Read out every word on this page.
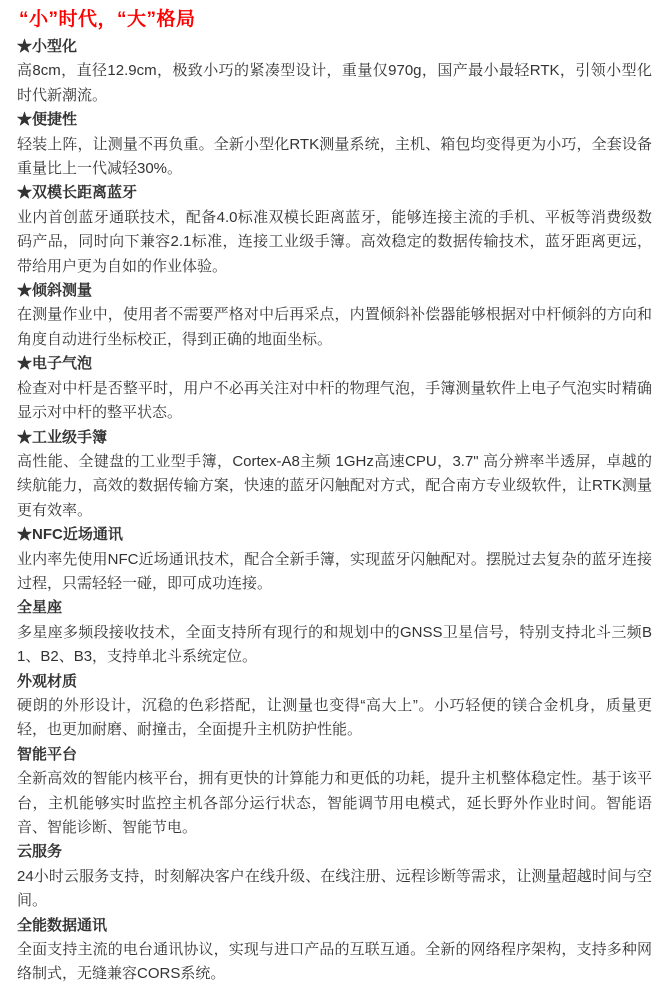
“小”时代，“大”格局
★小型化

高8cm，直径12.9cm，极致小巧的紧凑型设计，重量仅970g，国产最小最轻RTK，引领小型化时代新潮流。

★便捷性

轻装上阵，让测量不再负重。全新小型化RTK测量系统，主机、箱包均变得更为小巧，全套设备重量比上一代减轻30%。

★双模长距离蓝牙

业内首创蓝牙通联技术，配备4.0标准双模长距离蓝牙，能够连接主流的手机、平板等消费级数码产品，同时向下兼容2.1标准，连接工业级手簿。高效稳定的数据传输技术，蓝牙距离更远，带给用户更为自如的作业体验。

★倾斜测量

在测量作业中，使用者不需要严格对中后再采点，内置倾斜补偿器能够根据对中杆倾斜的方向和角度自动进行坐标校正，得到正确的地面坐标。

★电子气泡

检查对中杆是否整平时，用户不必再关注对中杆的物理气泡，手簿测量软件上电子气泡实时精确显示对中杆的整平状态。

★工业级手簿

高性能、全键盘的工业型手簿，Cortex-A8主频 1GHz高速CPU，3.7" 高分辨率半透屏，卓越的续航能力，高效的数据传输方案，快速的蓝牙闪触配对方式，配合南方专业级软件，让RTK测量更有效率。

★NFC近场通讯

业内率先使用NFC近场通讯技术，配合全新手簿，实现蓝牙闪触配对。摆脱过去复杂的蓝牙连接过程，只需轻轻一碰，即可成功连接。

全星座

多星座多频段接收技术，全面支持所有现行的和规划中的GNSS卫星信号，特别支持北斗三频B1、B2、B3，支持单北斗系统定位。

外观材质

硬朗的外形设计，沉稳的色彩搭配，让测量也变得“高大上”。小巧轻便的镁合金机身，质量更轻，也更加耐磨、耐撞击，全面提升主机防护性能。

智能平台

全新高效的智能内核平台，拥有更快的计算能力和更低的功耗，提升主机整体稳定性。基于该平台，主机能够实时监控主机各部分运行状态，智能调节用电模式，延长野外作业时间。智能语音、智能诊断、智能节电。

云服务

24小时云服务支持，时刻解决客户在线升级、在线注册、远程诊断等需求，让测量超越时间与空间。

全能数据通讯

全面支持主流的电台通讯协议，实现与进口产品的互联互通。全新的网络程序架构，支持多种网络制式，无缝兼容CORS系统。
